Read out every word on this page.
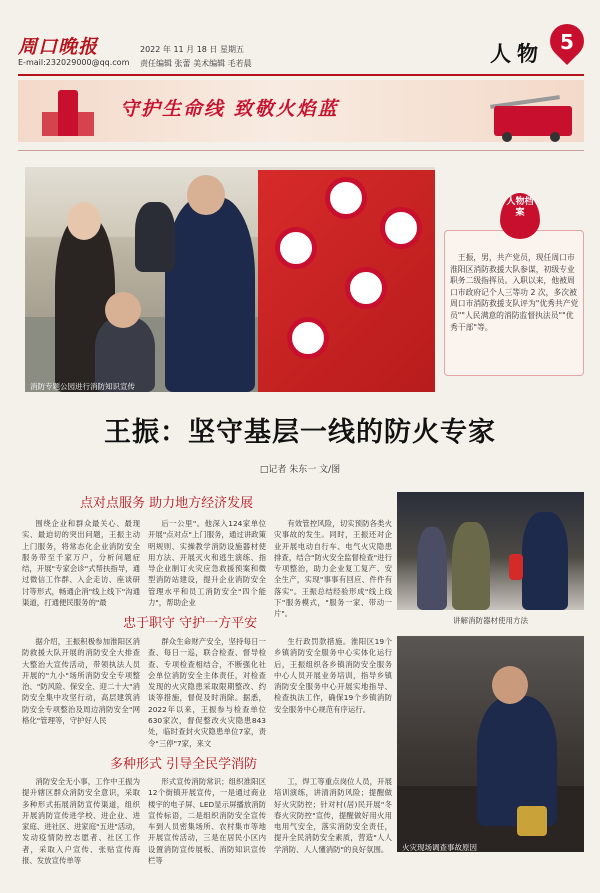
周口晚报
E-mail:232029000@qq.com
2022 年 11 月 18 日 星期五
责任编辑 张蕾 美术编辑 毛若晨	人物 5
守护生命线 致敬火焰蓝
消防专题公园进行消防知识宣传
人物档案
王振，男，共产党员，现任周口市淮阳区消防救援大队参谋，初级专业职务二级指挥员。入职以来，他被周口市政府记个人三等功 2 次，多次被周口市消防救援支队评为"优秀共产党员""人民满意的消防监督执法员""优秀干部"等。
王振：坚守基层一线的防火专家
□记者 朱东一 文/图
点对点服务 助力地方经济发展
围绕企业和群众最关心、最现实、最迫切的突出问题，王振主动上门服务，将常态化企业消防安全服务带至千家万户，分析问题症结，开展"专家会诊"式帮扶指导，通过微信工作群、入企走访、座谈研讨等形式，畅通企消"线上线下"沟通渠道，打通便民服务的"最
后一公里"。他深入124家单位开展"点对点"上门服务，通过讲政策明规则、实操教学消防设施器材使用方法、开展灭火和逃生演练、指导企业制订火灾应急救援预案和微型消防站建设，提升企业消防安全管理水平和员工消防安全"四个能力"，帮助企业
有效管控风险，切实预防各类火灾事故的发生。同时，王振还对企业开展电动自行车、电气火灾隐患排查，结合"防火安全监督检查"进行专项整治，助力企业复工复产、安全生产，实现"事事有回应、件件有落实"。王振总结经验形成"线上线下"服务模式，"服务一家、带动一片"。
忠于职守 守护一方平安
据介绍，王振积极参加淮阳区消防救援大队开展的消防安全大排查大整治大宣传活动，带领执法人员开展的"九小"场所消防安全专项整治、"防风险、保安全、迎二十大"消防安全集中攻坚行动，高层建筑消防安全专项整治及周边消防安全"网格化"管理等，守护好人民
群众生命财产安全，坚持每日一查、每日一巡，联合检查、督导检查、专项检查相结合，不断强化社会单位消防安全主体责任，对检查发现的火灾隐患采取限期整改、约谈等措施，督促及时消除。据悉，2022年以来，王振参与检查单位630家次，督促整改火灾隐患843处，临时查封火灾隐患单位7家，责令"三停"7家，来文
生行政罚款措施。淮阳区19个乡镇消防安全服务中心实体化运行后，王振组织各乡镇消防安全服务中心人员开展业务培训，指导乡镇消防安全服务中心开展实地指导、检查执法工作，确保19个乡镇消防安全服务中心规范有序运行。
多种形式 引导全民学消防
消防安全无小事，工作中王振为提升辖区群众消防安全意识，采取多种形式拓展消防宣传渠道，组织开展消防宣传进学校、进企业、进家庭、进社区、进家庭"五进"活动，发动疫情防控志愿者、社区工作者，采取入户宣传、张贴宣传海报、发放宣传单等
形式宣传消防常识；组织淮阳区12个街镇开展宣传，一是通过商业楼宇的电子屏、LED显示屏播放消防宣传标语，二是组织消防安全宣传车到人员密集场所、农村集市等地开展宣传活动，三是在居民小区内设置消防宣传展板、消防知识宣传栏等
工，焊工等重点岗位人员，开展培训演练，讲清消防风险；提醒做好火灾防控；针对村(居)民开展"冬春火灾防控"宣传，提醒做好用火用电用气安全，落实消防安全责任，提升全民消防安全素质，营造"人人学消防、人人懂消防"的良好氛围。
讲解消防器材使用方法
火灾现场调查事故原因
